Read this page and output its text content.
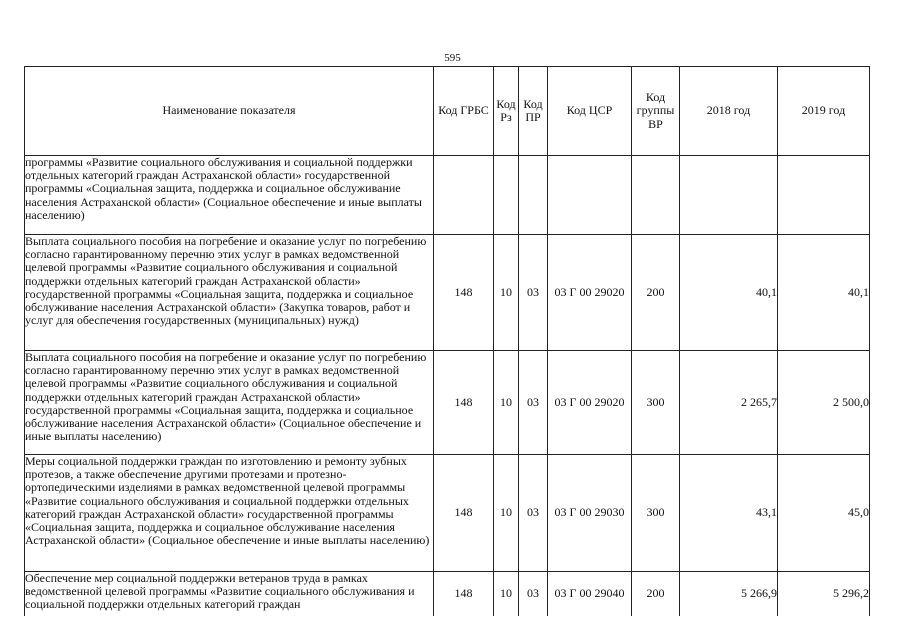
595
Наименование показателя	Код ГРБС	Код Рз	Код ПР	Код ЦСР	Код группы ВР	2018 год	2019 год
программы «Развитие социального обслуживания и социальной поддержки отдельных категорий граждан Астраханской области» государственной программы «Социальная защита, поддержка и социальное обслуживание населения Астраханской области» (Социальное обеспечение и иные выплаты населению)							
Выплата социального пособия на погребение и оказание услуг по погребению согласно гарантированному перечню этих услуг в рамках ведомственной целевой программы «Развитие социального обслуживания и социальной поддержки отдельных категорий граждан Астраханской области» государственной программы «Социальная защита, поддержка и социальное обслуживание населения Астраханской области» (Закупка товаров, работ и услуг для обеспечения государственных (муниципальных) нужд)	148	10	03	03 Г 00 29020	200	40,1	40,1
Выплата социального пособия на погребение и оказание услуг по погребению согласно гарантированному перечню этих услуг в рамках ведомственной целевой программы «Развитие социального обслуживания и социальной поддержки отдельных категорий граждан Астраханской области» государственной программы «Социальная защита, поддержка и социальное обслуживание населения Астраханской области» (Социальное обеспечение и иные выплаты населению)	148	10	03	03 Г 00 29020	300	2 265,7	2 500,0
Меры социальной поддержки граждан по изготовлению и ремонту зубных протезов, а также обеспечение другими протезами и протезно-ортопедическими изделиями в рамках ведомственной целевой программы «Развитие социального обслуживания и социальной поддержки отдельных категорий граждан Астраханской области» государственной программы «Социальная защита, поддержка и социальное обслуживание населения Астраханской области» (Социальное обеспечение и иные выплаты населению)	148	10	03	03 Г 00 29030	300	43,1	45,0
Обеспечение мер социальной поддержки ветеранов труда в рамках ведомственной целевой программы «Развитие социального обслуживания и социальной поддержки отдельных категорий граждан	148	10	03	03 Г 00 29040	200	5 266,9	5 296,2
